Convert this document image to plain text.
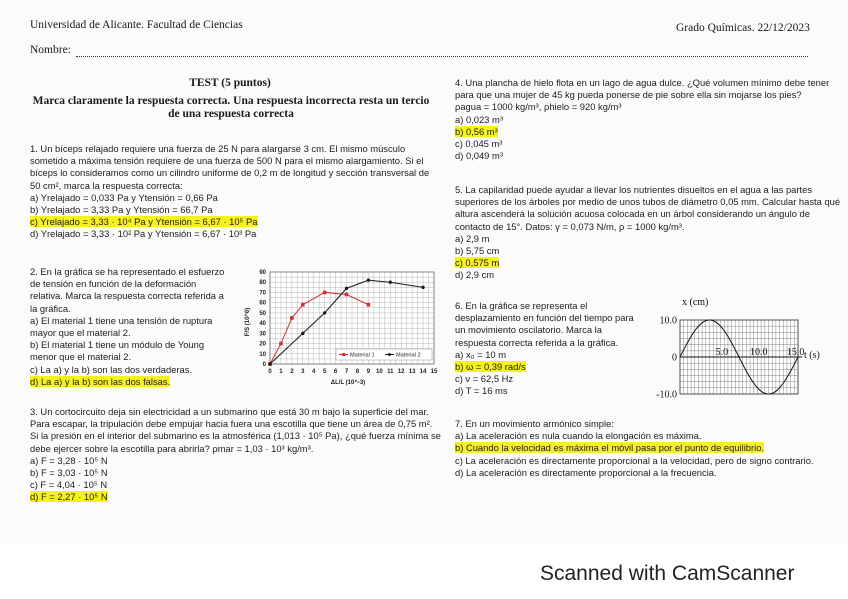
Universidad de Alicante. Facultad de Ciencias	Grado Químicas. 22/12/2023
Nombre:
TEST (5 puntos)
Marca claramente la respuesta correcta. Una respuesta incorrecta resta un tercio de una respuesta correcta

1. Un bíceps relajado requiere una fuerza de 25 N para alargarse 3 cm. El mismo músculo sometido a máxima tensión requiere de una fuerza de 500 N para el mismo alargamiento. Si el bíceps lo consideramos como un cilindro uniforme de 0,2 m de longitud y sección transversal de 50 cm², marca la respuesta correcta:

a) Yrelajado = 0,033 Pa y Ytensión = 0,66 Pa

b) Yrelajado = 3,33 Pa y Ytensión = 66,7 Pa

c) Yrelajado = 3,33 · 10⁴ Pa y Ytensión = 6,67 · 10⁵ Pa

d) Yrelajado = 3,33 · 10² Pa y Ytensión = 6,67 · 10³ Pa

2. En la gráfica se ha representado el esfuerzo de tensión en función de la deformación relativa. Marca la respuesta correcta referida a la gráfica.

a) El material 1 tiene una tensión de ruptura mayor que el material 2.

b) El material 1 tiene un módulo de Young menor que el material 2.

c) La a) y la b) son las dos verdaderas.

d) La a) y la b) son las dos falsas.

0
10
20
30
40
50
60
70
80
90
0 1 2 3 4 5 6 7 8 9 10 11 12 13 14 15
F/S (10^6)
ΔL/L (10^-3)
Material 1	Material 2

3. Un cortocircuito deja sin electricidad a un submarino que está 30 m bajo la superficie del mar. Para escapar, la tripulación debe empujar hacia fuera una escotilla que tiene un área de 0,75 m². Si la presión en el interior del submarino es la atmosférica (1,013 · 10⁵ Pa), ¿qué fuerza mínima se debe ejercer sobre la escotilla para abrirla? ρmar = 1,03 · 10³ kg/m³.

a) F = 3,28 · 10⁵ N

b) F = 3,03 · 10⁵ N

c) F = 4,04 · 10⁵ N

d) F = 2,27 · 10⁵ N

4. Una plancha de hielo flota en un lago de agua dulce. ¿Qué volumen mínimo debe tener para que una mujer de 45 kg pueda ponerse de pie sobre ella sin mojarse los pies?

ρagua = 1000 kg/m³, ρhielo = 920 kg/m³

a) 0,023 m³

b) 0,56 m³

c) 0,045 m³

d) 0,049 m³

5. La capilaridad puede ayudar a llevar los nutrientes disueltos en el agua a las partes superiores de los árboles por medio de unos tubos de diámetro 0,05 mm. Calcular hasta qué altura ascenderá la solución acuosa colocada en un árbol considerando un ángulo de contacto de 15°. Datos: γ = 0,073 N/m, ρ = 1000 kg/m³.

a) 2,9 m

b) 5,75 cm

c) 0,575 m

d) 2,9 cm

6. En la gráfica se representa el desplazamiento en función del tiempo para un movimiento oscilatorio. Marca la respuesta correcta referida a la gráfica.

a) x₀ = 10 m

b) ω = 0,39 rad/s

c) ν = 62,5 Hz

d) T = 16 ms

10.0
0
-10.0
5.0 10.0 15.0
x (cm)
t (s)

7. En un movimiento armónico simple:

a) La aceleración es nula cuando la elongación es máxima.

b) Cuando la velocidad es máxima el móvil pasa por el punto de equilibrio.

c) La aceleración es directamente proporcional a la velocidad, pero de signo contrario.

d) La aceleración es directamente proporcional a la frecuencia.

Scanned with CamScanner
